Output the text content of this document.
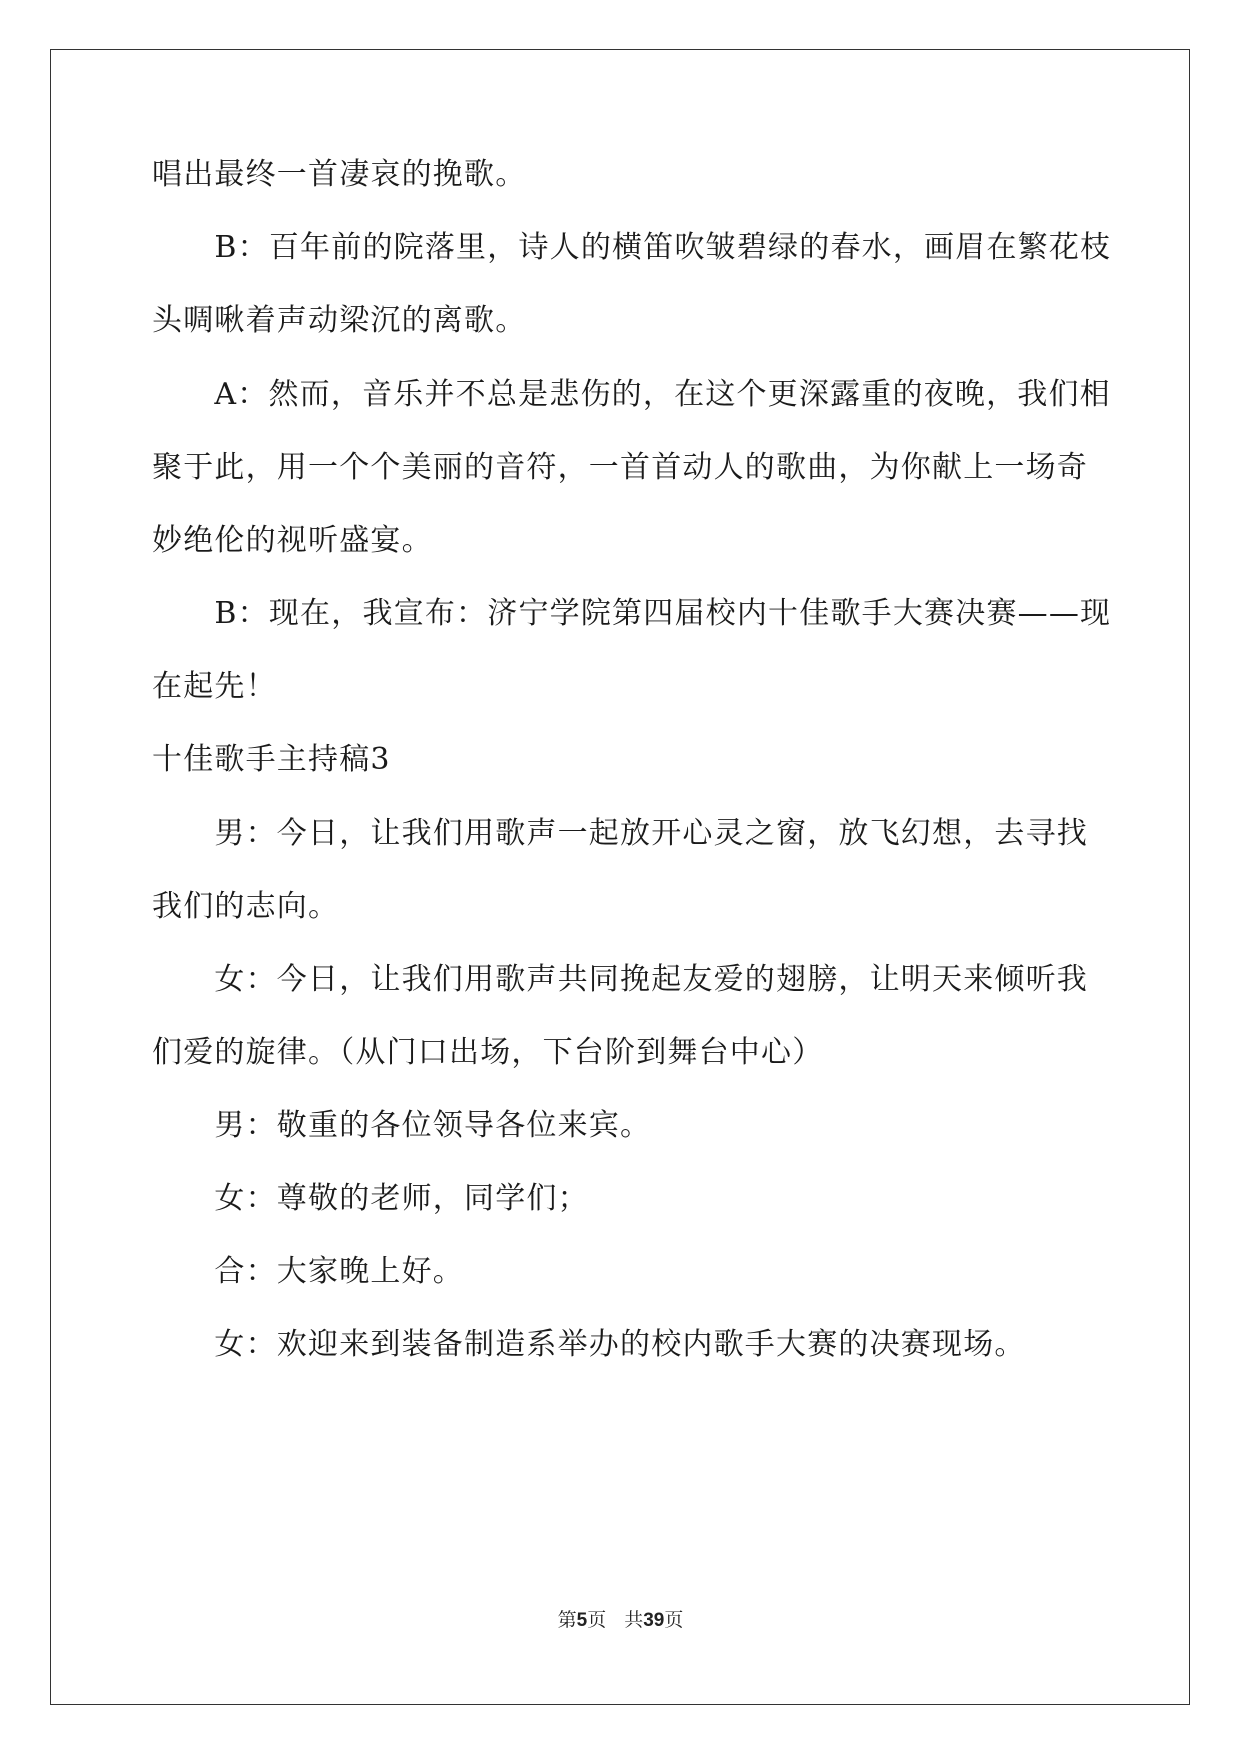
唱出最终一首凄哀的挽歌。
　　B：百年前的院落里，诗人的横笛吹皱碧绿的春水，画眉在繁花枝
头啁啾着声动梁沉的离歌。
　　A：然而，音乐并不总是悲伤的，在这个更深露重的夜晚，我们相
聚于此，用一个个美丽的音符，一首首动人的歌曲，为你献上一场奇
妙绝伦的视听盛宴。
　　B：现在，我宣布：济宁学院第四届校内十佳歌手大赛决赛——现
在起先！
十佳歌手主持稿3
　　男：今日，让我们用歌声一起放开心灵之窗，放飞幻想，去寻找
我们的志向。
　　女：今日，让我们用歌声共同挽起友爱的翅膀，让明天来倾听我
们爱的旋律。（从门口出场，下台阶到舞台中心）
　　男：敬重的各位领导各位来宾。
　　女：尊敬的老师，同学们；
　　合：大家晚上好。
　　女：欢迎来到装备制造系举办的校内歌手大赛的决赛现场。
第5页 共39页
